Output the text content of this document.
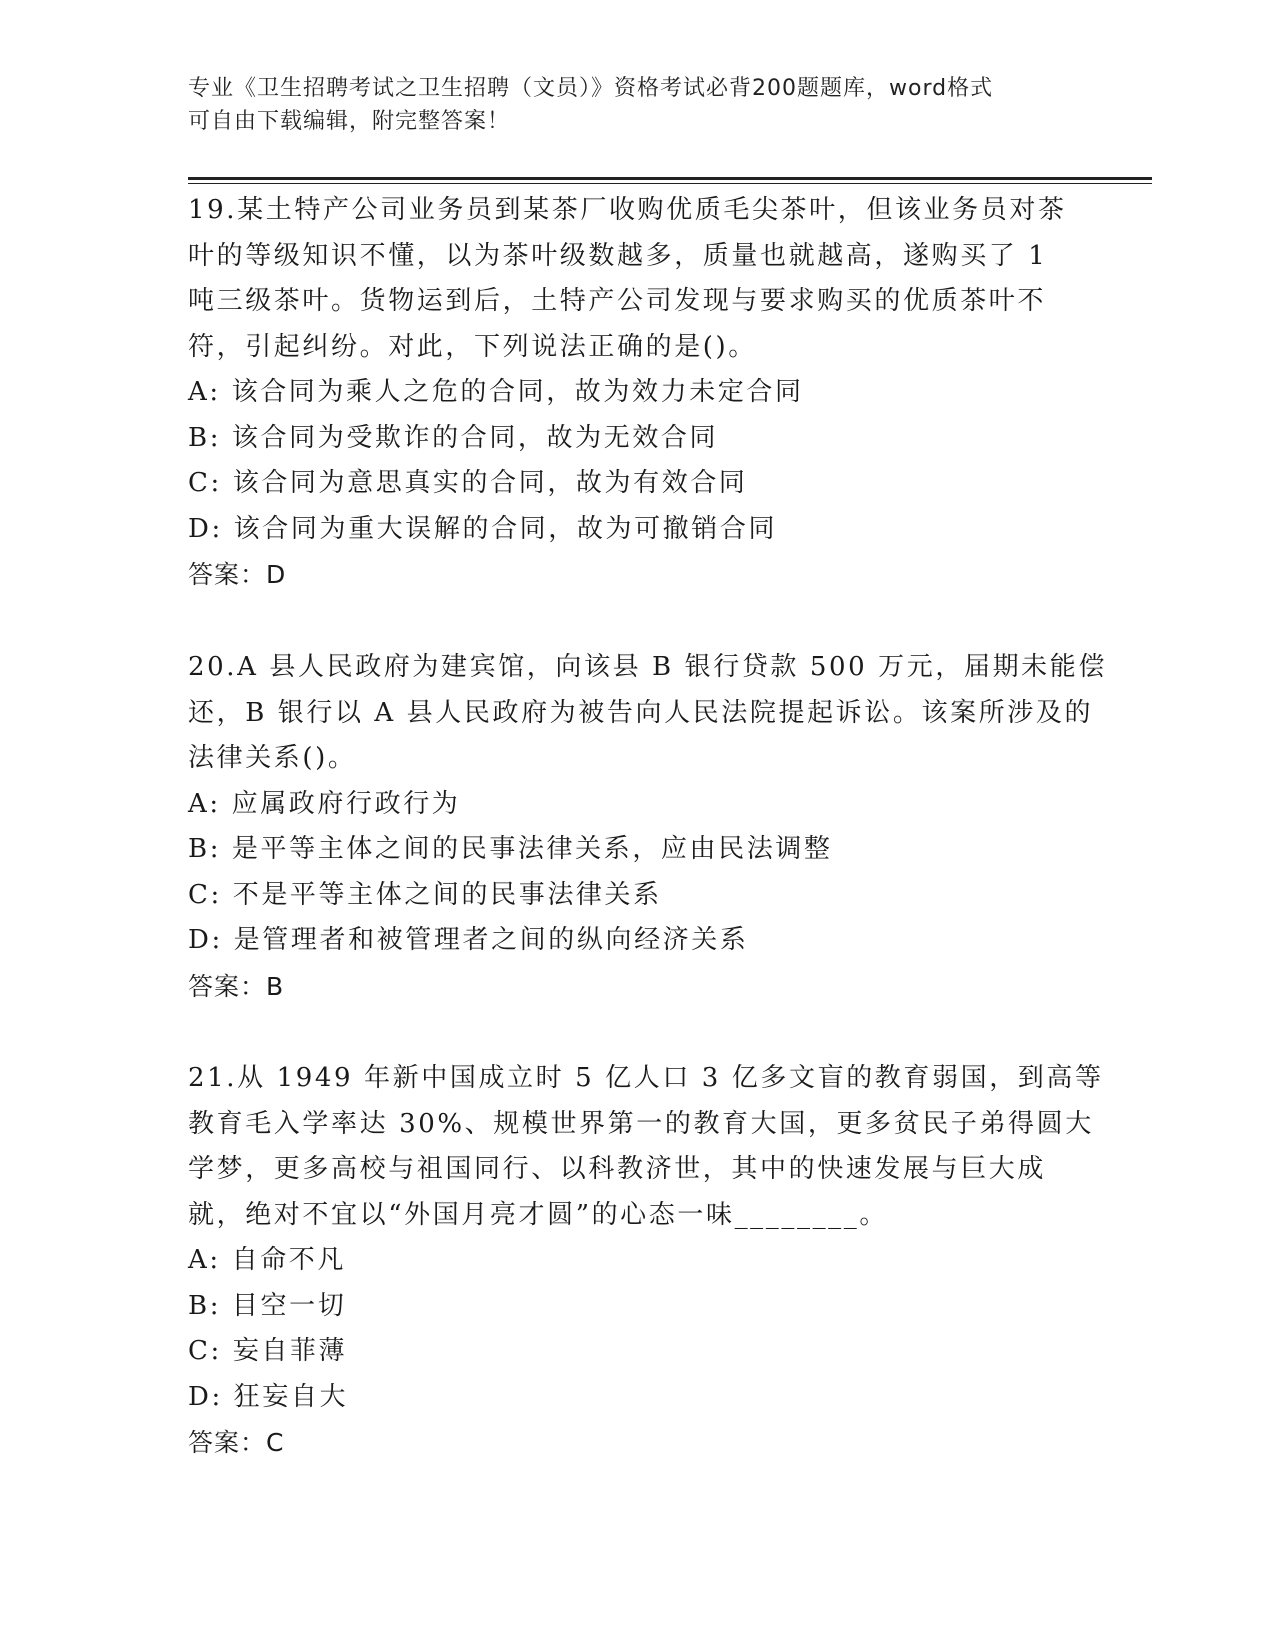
专业《卫生招聘考试之卫生招聘（文员）》资格考试必背200题题库，word格式
可自由下载编辑，附完整答案！
19.某土特产公司业务员到某茶厂收购优质毛尖茶叶，但该业务员对茶
叶的等级知识不懂，以为茶叶级数越多，质量也就越高，遂购买了 1
吨三级茶叶。货物运到后，土特产公司发现与要求购买的优质茶叶不
符，引起纠纷。对此，下列说法正确的是()。
A: 该合同为乘人之危的合同，故为效力未定合同
B: 该合同为受欺诈的合同，故为无效合同
C: 该合同为意思真实的合同，故为有效合同
D: 该合同为重大误解的合同，故为可撤销合同
答案：D
20.A 县人民政府为建宾馆，向该县 B 银行贷款 500 万元，届期未能偿
还，B 银行以 A 县人民政府为被告向人民法院提起诉讼。该案所涉及的
法律关系()。
A: 应属政府行政行为
B: 是平等主体之间的民事法律关系，应由民法调整
C: 不是平等主体之间的民事法律关系
D: 是管理者和被管理者之间的纵向经济关系
答案：B
21.从 1949 年新中国成立时 5 亿人口 3 亿多文盲的教育弱国，到高等
教育毛入学率达 30%、规模世界第一的教育大国，更多贫民子弟得圆大
学梦，更多高校与祖国同行、以科教济世，其中的快速发展与巨大成
就，绝对不宜以“外国月亮才圆”的心态一味________。
A: 自命不凡
B: 目空一切
C: 妄自菲薄
D: 狂妄自大
答案：C
